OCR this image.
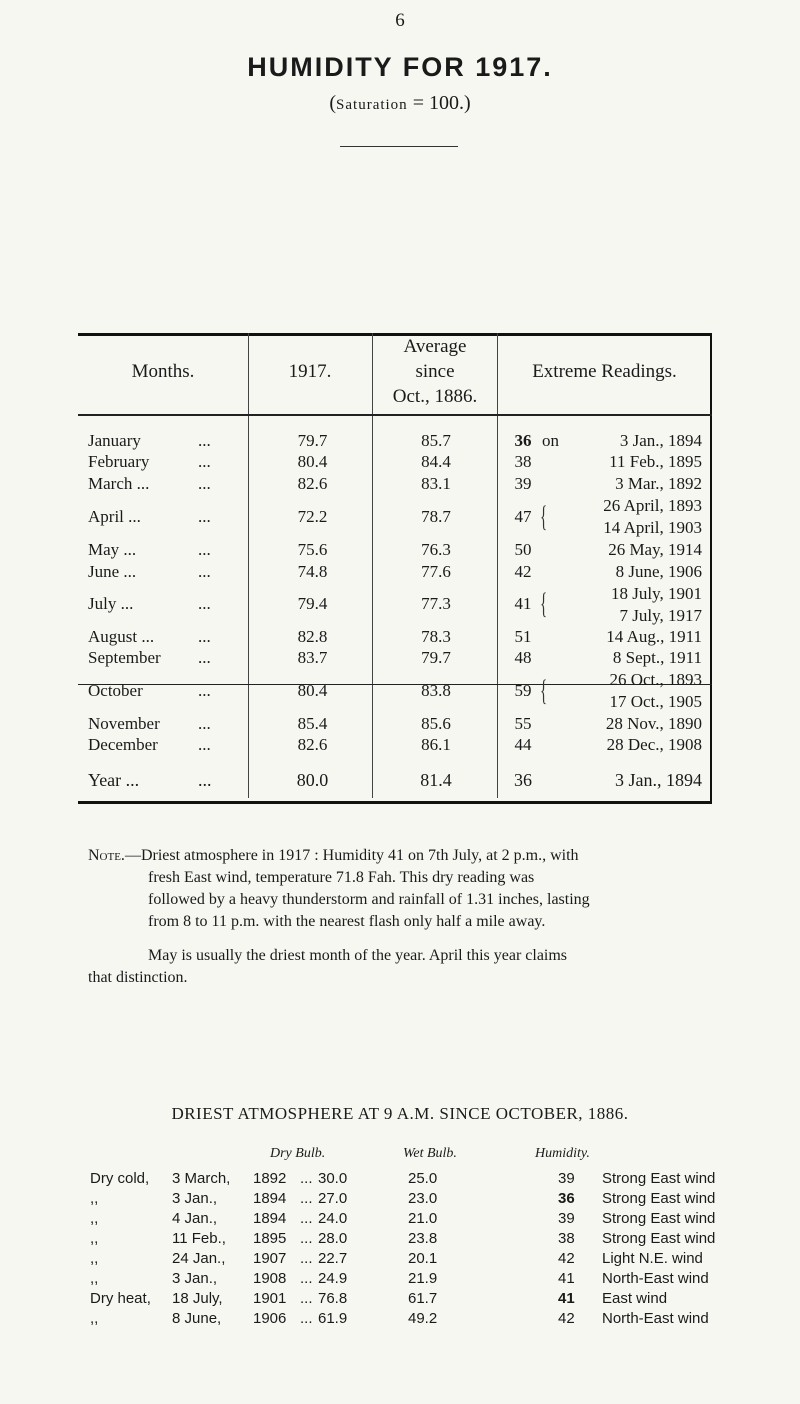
6
HUMIDITY FOR 1917.
(Saturation = 100.)
Months.	1917.
Average
since
Oct., 1886.
Extreme Readings.
January	...	79.7	85.7	36 on	3 Jan., 1894
February	...	80.4	84.4	38	11 Feb., 1895
March ...	...	82.6	83.1	39	3 Mar., 1892
April ...	...	72.2	78.7	47 {	26 April, 1893
14 April, 1903
May ...	...	75.6	76.3	50	26 May, 1914
June ...	...	74.8	77.6	42	8 June, 1906
July ...	...	79.4	77.3	41 {	18 July, 1901
7 July, 1917
August ...	...	82.8	78.3	51	14 Aug., 1911
September ...	83.7	79.7	48	8 Sept., 1911
October	...	80.4	83.8	59 {	26 Oct., 1893
17 Oct., 1905
November ...	85.4	85.6	55	28 Nov., 1890
December ...	82.6	86.1	44	28 Dec., 1908
Year ...	...	80.0	81.4	36	3 Jan., 1894
Note.—Driest atmosphere in 1917 : Humidity 41 on 7th July, at 2 p.m., with
fresh East wind, temperature 71.8 Fah. This dry reading was
followed by a heavy thunderstorm and rainfall of 1.31 inches, lasting
from 8 to 11 p.m. with the nearest flash only half a mile away.
May is usually the driest month of the year. April this year claims
that distinction.
DRIEST ATMOSPHERE AT 9 A.M. SINCE OCTOBER, 1886.
Dry Bulb.	Wet Bulb.	Humidity.
Dry cold, 3 March, 1892 ... 30.0	25.0	39 Strong East wind
,,	3 Jan., 1894 ... 27.0	23.0	36 Strong East wind
,,	4 Jan., 1894 ... 24.0	21.0	39 Strong East wind
,,	11 Feb., 1895 ... 28.0	23.8	38 Strong East wind
,,	24 Jan., 1907 ... 22.7	20.1	42 Light N.E. wind
,,	3 Jan., 1908 ... 24.9	21.9	41 North-East wind
Dry heat, 18 July, 1901 ... 76.8	61.7	41 East wind
,,	8 June, 1906 ... 61.9	49.2	42 North-East wind
